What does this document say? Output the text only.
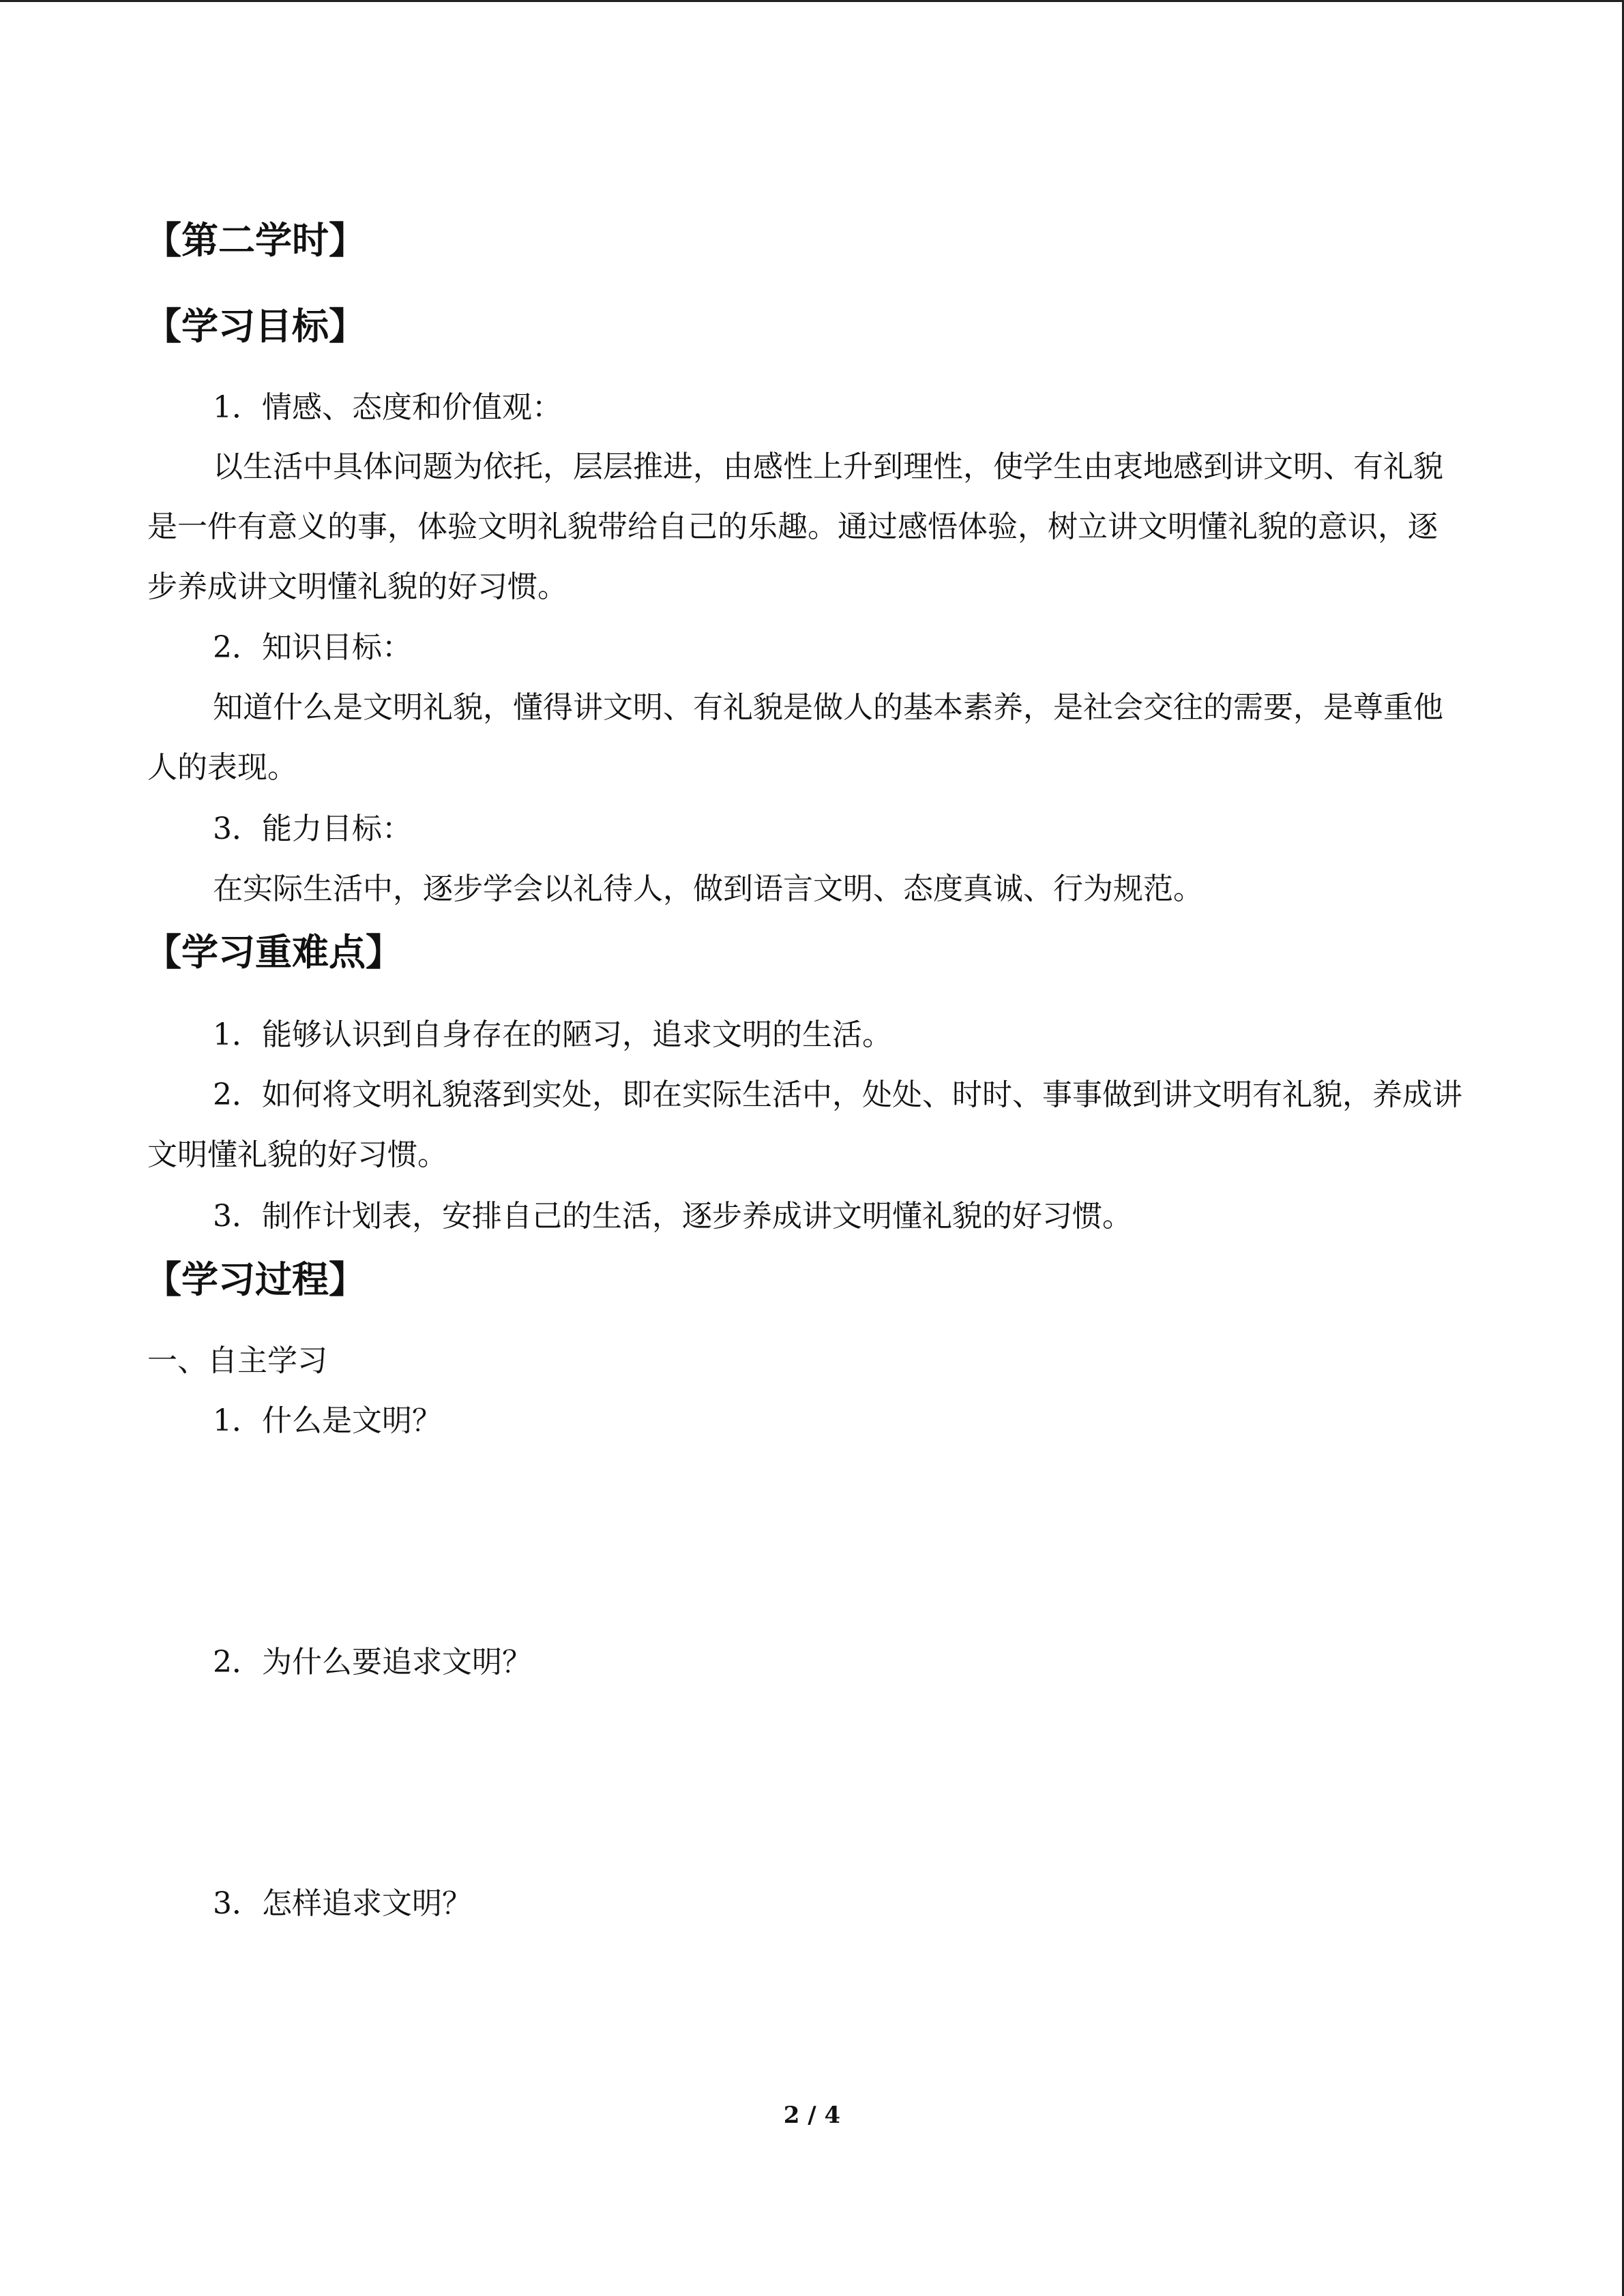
【第二学时】
【学习目标】
1．情感、态度和价值观：
以生活中具体问题为依托，层层推进，由感性上升到理性，使学生由衷地感到讲文明、有礼貌是一件有意义的事，体验文明礼貌带给自己的乐趣。通过感悟体验，树立讲文明懂礼貌的意识，逐步养成讲文明懂礼貌的好习惯。
2．知识目标：
知道什么是文明礼貌，懂得讲文明、有礼貌是做人的基本素养，是社会交往的需要，是尊重他人的表现。
3．能力目标：
在实际生活中，逐步学会以礼待人，做到语言文明、态度真诚、行为规范。
【学习重难点】
1．能够认识到自身存在的陋习，追求文明的生活。
2．如何将文明礼貌落到实处，即在实际生活中，处处、时时、事事做到讲文明有礼貌，养成讲文明懂礼貌的好习惯。
3．制作计划表，安排自己的生活，逐步养成讲文明懂礼貌的好习惯。
【学习过程】
一、自主学习
1．什么是文明？
2．为什么要追求文明？
3．怎样追求文明？
2 / 4
